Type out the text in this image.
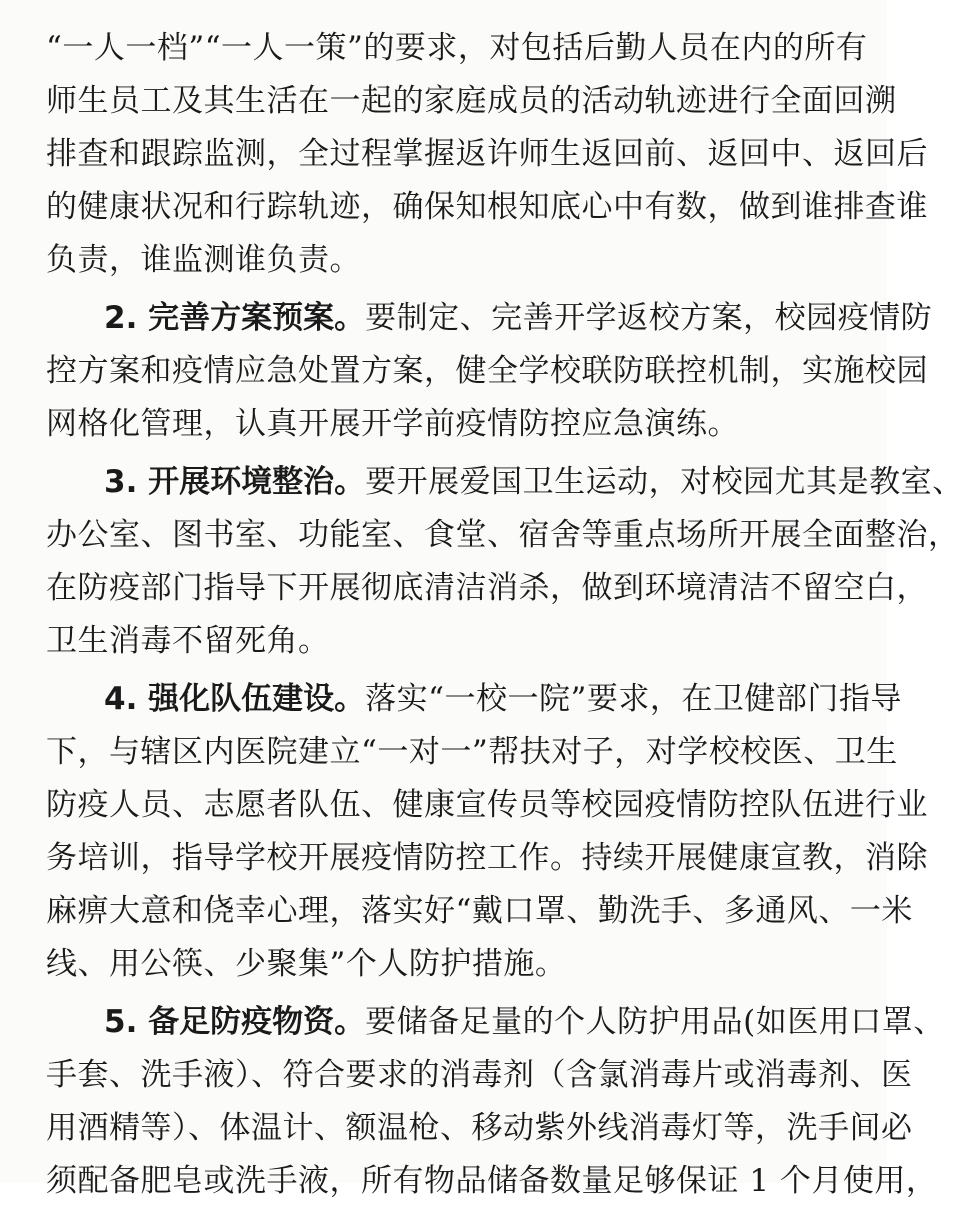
“一人一档”“一人一策”的要求，对包括后勤人员在内的所有
师生员工及其生活在一起的家庭成员的活动轨迹进行全面回溯
排查和跟踪监测，全过程掌握返许师生返回前、返回中、返回后
的健康状况和行踪轨迹，确保知根知底心中有数，做到谁排查谁
负责，谁监测谁负责。
2. 完善方案预案。要制定、完善开学返校方案，校园疫情防
控方案和疫情应急处置方案，健全学校联防联控机制，实施校园
网格化管理，认真开展开学前疫情防控应急演练。
3. 开展环境整治。要开展爱国卫生运动，对校园尤其是教室、
办公室、图书室、功能室、食堂、宿舍等重点场所开展全面整治，
在防疫部门指导下开展彻底清洁消杀，做到环境清洁不留空白，
卫生消毒不留死角。
4. 强化队伍建设。落实“一校一院”要求，在卫健部门指导
下，与辖区内医院建立“一对一”帮扶对子，对学校校医、卫生
防疫人员、志愿者队伍、健康宣传员等校园疫情防控队伍进行业
务培训，指导学校开展疫情防控工作。持续开展健康宣教，消除
麻痹大意和侥幸心理，落实好“戴口罩、勤洗手、多通风、一米
线、用公筷、少聚集”个人防护措施。
5. 备足防疫物资。要储备足量的个人防护用品(如医用口罩、
手套、洗手液）、符合要求的消毒剂（含氯消毒片或消毒剂、医
用酒精等）、体温计、额温枪、移动紫外线消毒灯等，洗手间必
须配备肥皂或洗手液，所有物品储备数量足够保证 1 个月使用，
